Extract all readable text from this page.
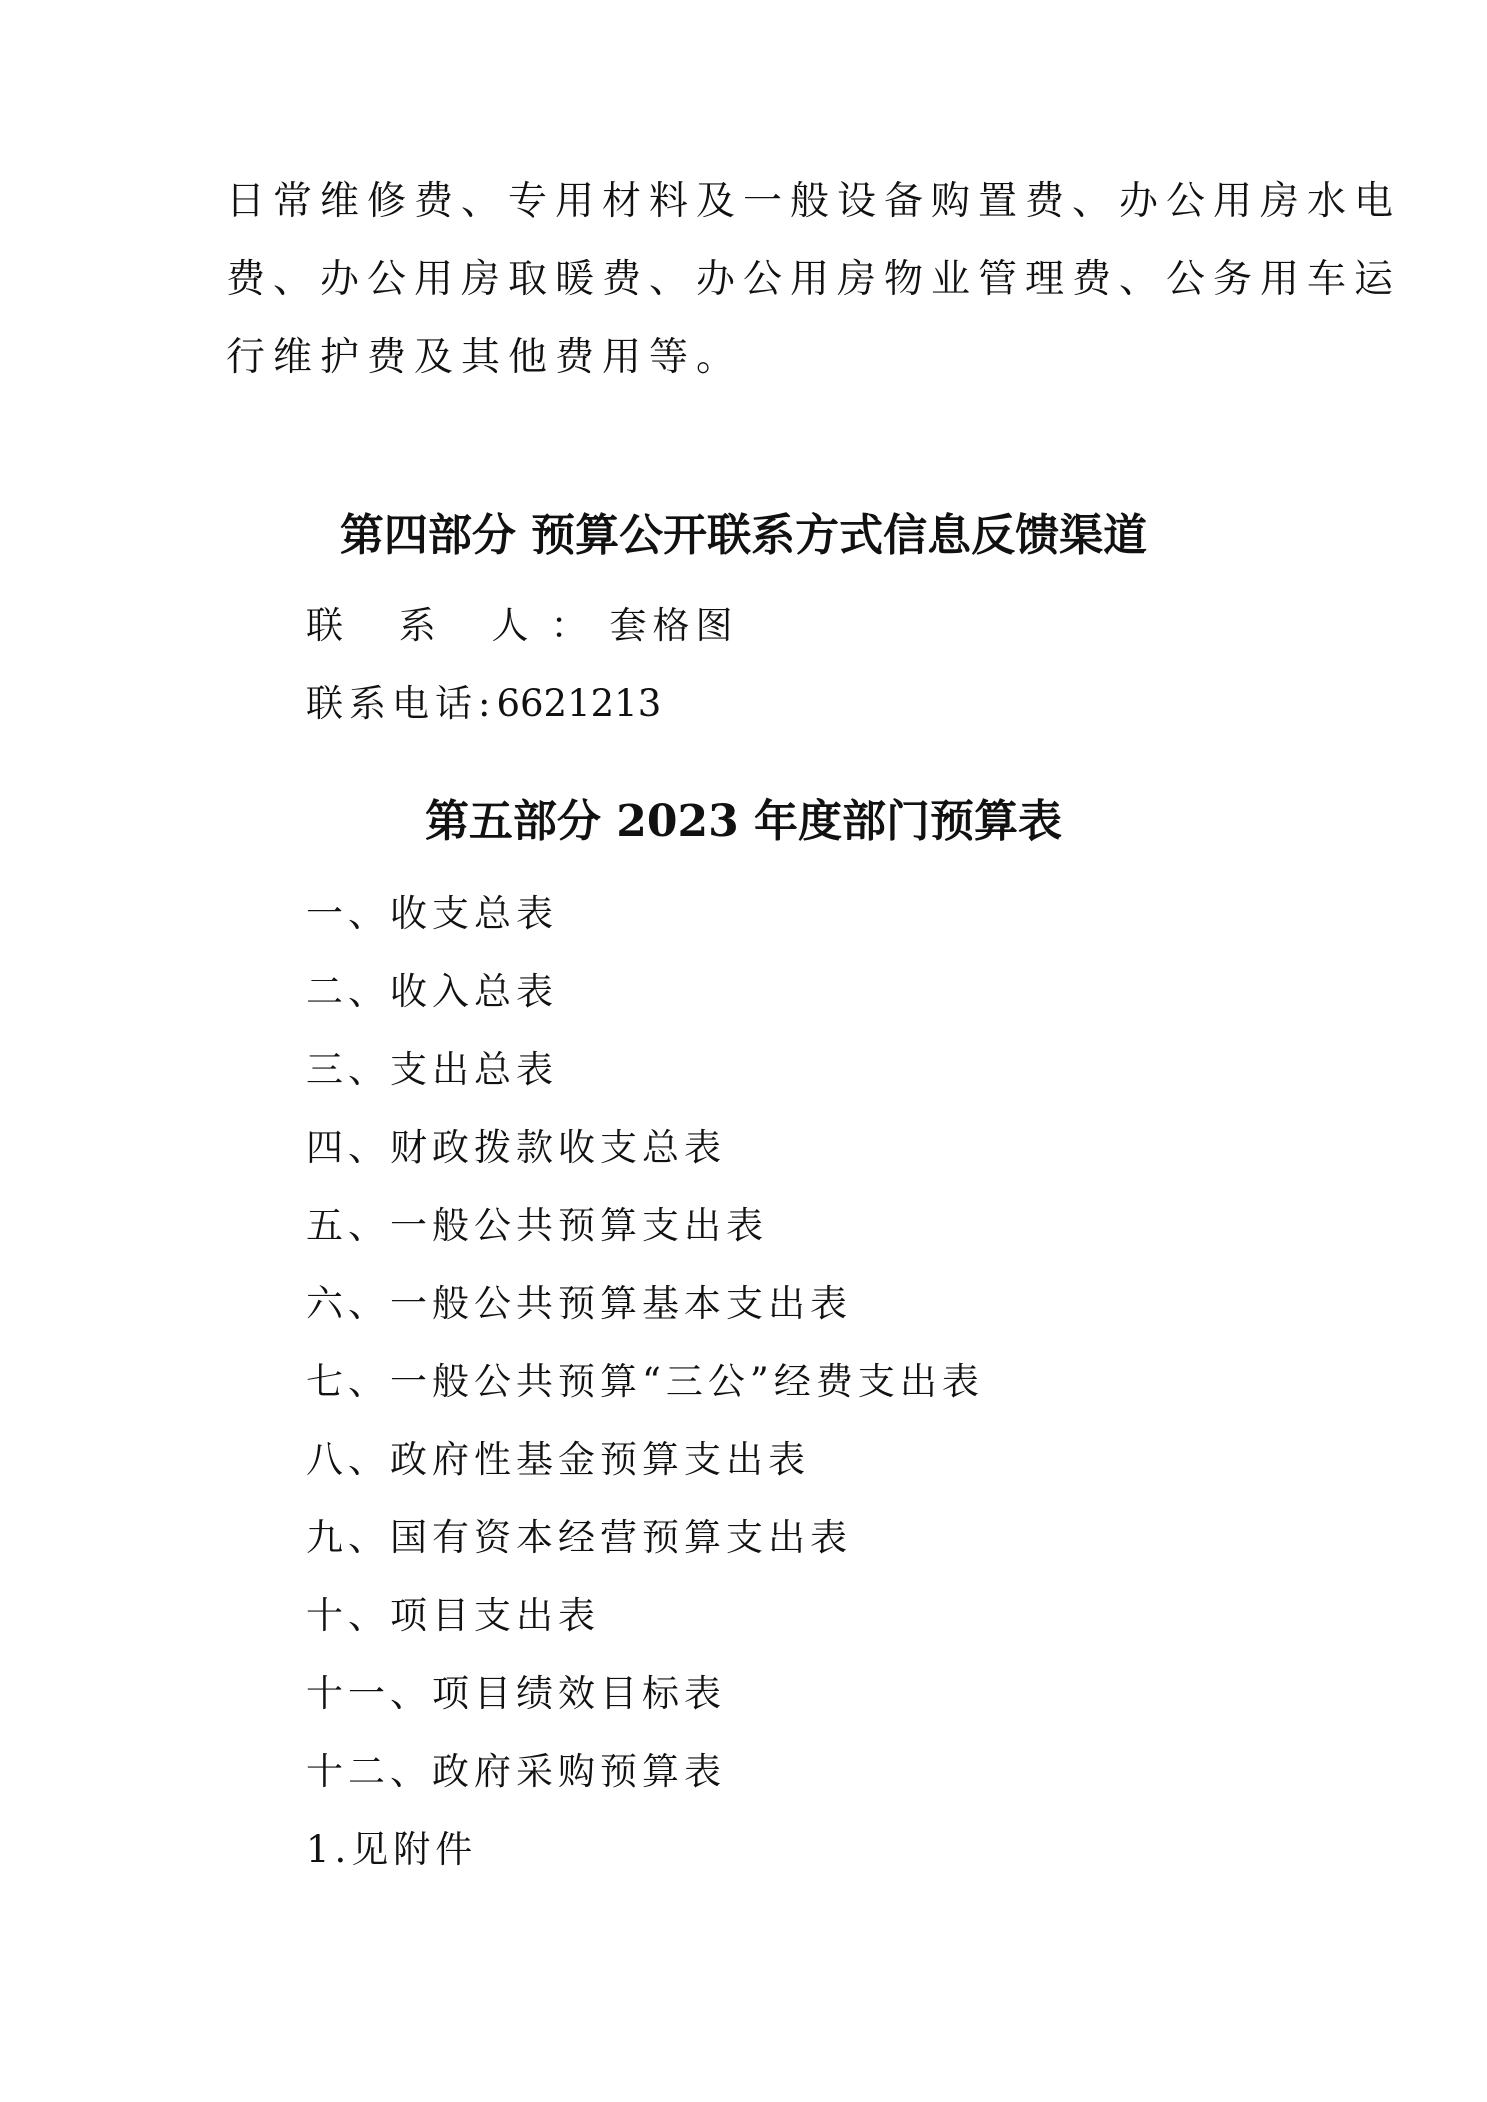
日常维修费、专用材料及一般设备购置费、办公用房水电
费、办公用房取暖费、办公用房物业管理费、公务用车运
行维护费及其他费用等。
第四部分 预算公开联系方式信息反馈渠道
联 系 人：套格图
联系电话:6621213
第五部分 2023 年度部门预算表
一、收支总表
二、收入总表
三、支出总表
四、财政拨款收支总表
五、一般公共预算支出表
六、一般公共预算基本支出表
七、一般公共预算“三公”经费支出表
八、政府性基金预算支出表
九、国有资本经营预算支出表
十、项目支出表
十一、项目绩效目标表
十二、政府采购预算表
1.见附件
